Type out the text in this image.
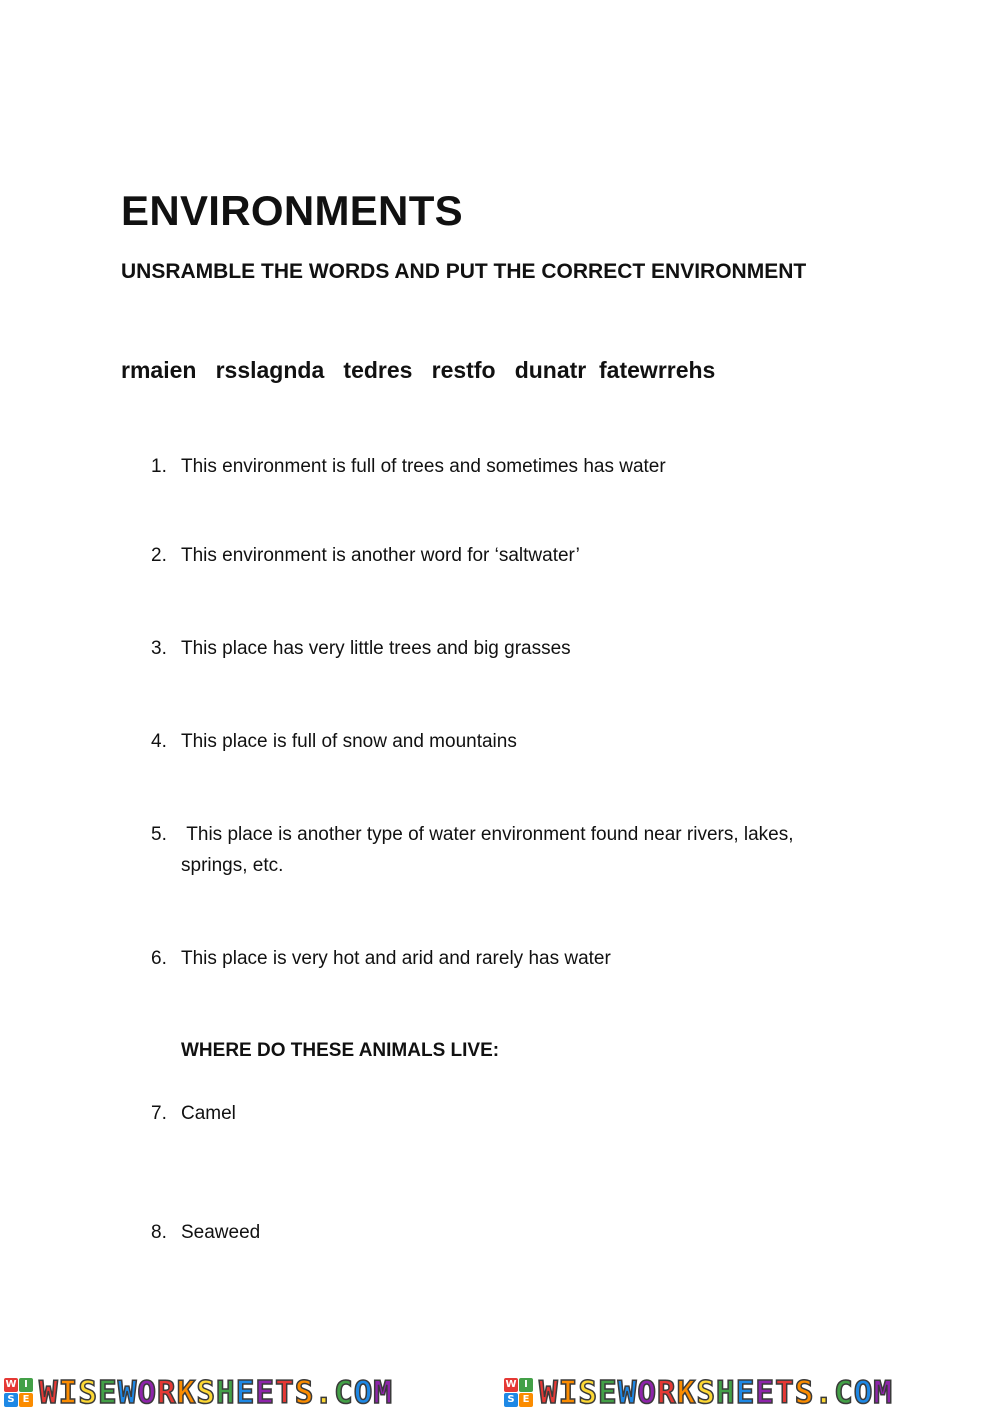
ENVIRONMENTS
UNSRAMBLE THE WORDS AND PUT THE CORRECT ENVIRONMENT
rmaien   rsslagnda   tedres   restfo   dunatr  fatewrrehs
1. This environment is full of trees and sometimes has water
2. This environment is another word for ‘saltwater’
3. This place has very little trees and big grasses
4. This place is full of snow and mountains
5. This place is another type of water environment found near rivers, lakes, springs, etc.
6. This place is very hot and arid and rarely has water
WHERE DO THESE ANIMALS LIVE:
7. Camel
8. Seaweed
W I
S E WISEWORKSHEETS.COM	W I
S E WISEWORKSHEETS.COM
